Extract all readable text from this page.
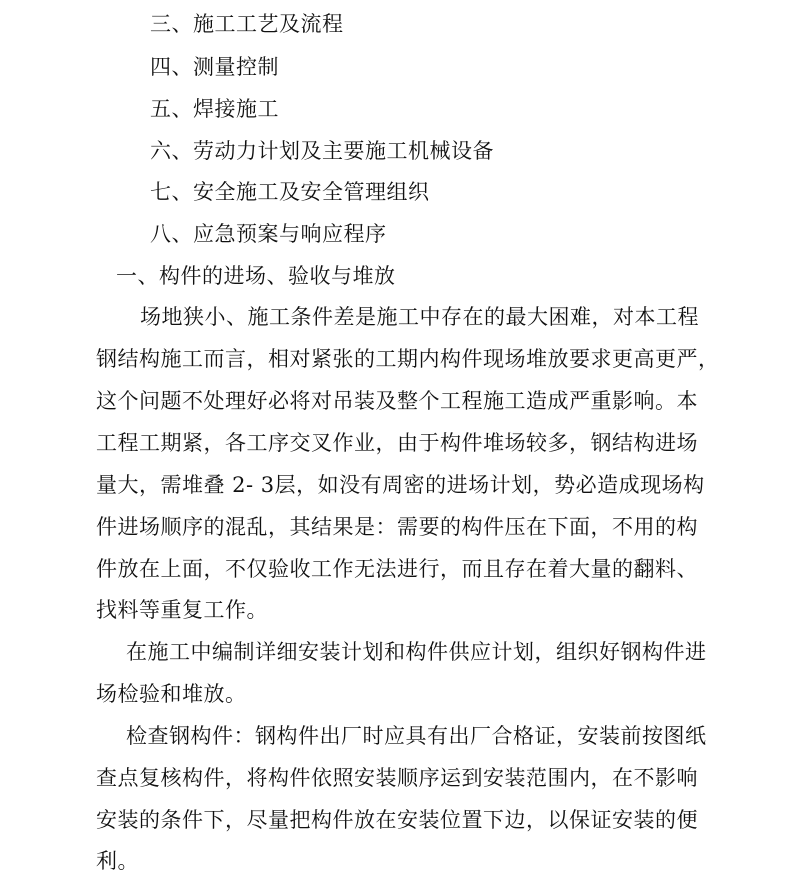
三、施工工艺及流程
四、测量控制
五、焊接施工
六、劳动力计划及主要施工机械设备
七、安全施工及安全管理组织
八、应急预案与响应程序
一、构件的进场、验收与堆放
场地狭小、施工条件差是施工中存在的最大困难，对本工程
钢结构施工而言，相对紧张的工期内构件现场堆放要求更高更严，
这个问题不处理好必将对吊装及整个工程施工造成严重影响。本
工程工期紧，各工序交叉作业，由于构件堆场较多，钢结构进场
量大，需堆叠 2- 3层，如没有周密的进场计划，势必造成现场构
件进场顺序的混乱，其结果是：需要的构件压在下面，不用的构
件放在上面，不仅验收工作无法进行，而且存在着大量的翻料、
找料等重复工作。
在施工中编制详细安装计划和构件供应计划，组织好钢构件进
场检验和堆放。
检查钢构件：钢构件出厂时应具有出厂合格证，安装前按图纸
查点复核构件，将构件依照安装顺序运到安装范围内，在不影响
安装的条件下，尽量把构件放在安装位置下边，以保证安装的便
利。
